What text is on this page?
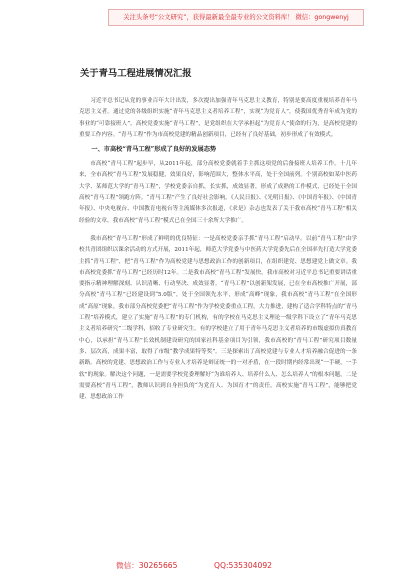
关注头条号“公文研究”，获得最新最全最专业的公文资料库！ 微信：gongwenyj
关于青马工程进展情况汇报

习近平总书记从党的事业百年大计出发，多次提出加强青年马克思主义教育，特别是要高度重视培养青年马克思主义者。通过党的各级组织实施“青年马克思主义者培养工程”，实现“为党育人”，使我国优秀青年成为党的事业的“可靠接班人”。高校党委实施“青马工程”，是党组织在大学承担起“为党育人”使命的行为，是高校党建的重要工作内容。“青马工程”作为市高校党建的精品创新项目，已经有了良好基础，初步形成了有效模式。

一、市高校“青马工程”形成了良好的发展态势

市高校“青马工程”起步早，从2011年起，部分高校党委就着手主抓这项党的后备接班人培养工作。十几年来，全市高校“青马工程”发展稳健，效果良好，影响范围大，整体水平高，处于全国前列。个别高校如某中医药大学、某师范大学的“青马工程”，学校党委亲自抓，长实抓，成效显著，形成了成熟的工作模式，已经处于全国高校“青马工程”领跑方阵。“青马工程”产生了良好社会影响，《人民日报》、《光明日报》、《中国青年报》、《中国青年报》、中央电视台、中国教育电视台等主流媒体多次报道，《求是》杂志也发表了关于我市高校“青马工程”相关经验的文章，我市高校“青马工程”模式已在全国三十余所大学推广。

我市高校“青马工程”形成了鲜明的优良特征：一是高校党委亲手抓“青马工程”启动早。以前“青马工程”由学校共青团组织以课余活动的方式开展，2011年起，师范大学党委与中医药大学党委先后在全国率先打造大学党委主抓“青马工程”，把“青马工程”作为高校党建与思想政治工作的创新项目，在组织建党、思想建党上做文章。我市高校党委抓“青马工程”已经历时12年。二是我市高校“青马工程”发展快。我市高校对习近平总书记重要讲话重要指示精神理解深刻、认识清晰、行动坚决、成效显著。“青马工程”以创新架发展，已在全市高校推广开展，部分高校“青马工程”已经建设到“5.0版”，处于全国领先水平，形成“高峰”现象，我市高校“青马工程”在全国形成“高原”现象。我市部分高校党委把“青马工程”作为学校党委重点工程，大力推进，建构了适合学科特点的“青马工程”培养模式，建立了实施“青马工程”的专门机构，有的学校在马克思主义理论一级学科下设立了“青年马克思主义者培养研究”二级学科，招收了专业研究生，有的学校建立了用于青年马克思主义者培养的市级虚拟仿真教育中心，以承担“青马工程”长效机制建设研究的国家社科基金项目为引领，我市高校的“青马工程”研究项目数量多、层次高，成果丰富，取得了市级“教学成果特等奖”。三是探索出了高校党建与专业人才培养融合促进的一条新路。高校的党建、思想政治工作与专业人才培养是辩证统一的一对矛盾，在一段时期内经常出现“一手硬，一手软”的现象。解决这个问题，一是需要学校党委理解好“为谁培养人、培养什么人、怎么培养人”的根本问题，二是需要高校“青马工程”，教师认识到自身担负的“为党育人、为国育才”的责任。高校实施“青马工程”，能够把党建、思想政治工作

微信：30265665	QQ:535304092
